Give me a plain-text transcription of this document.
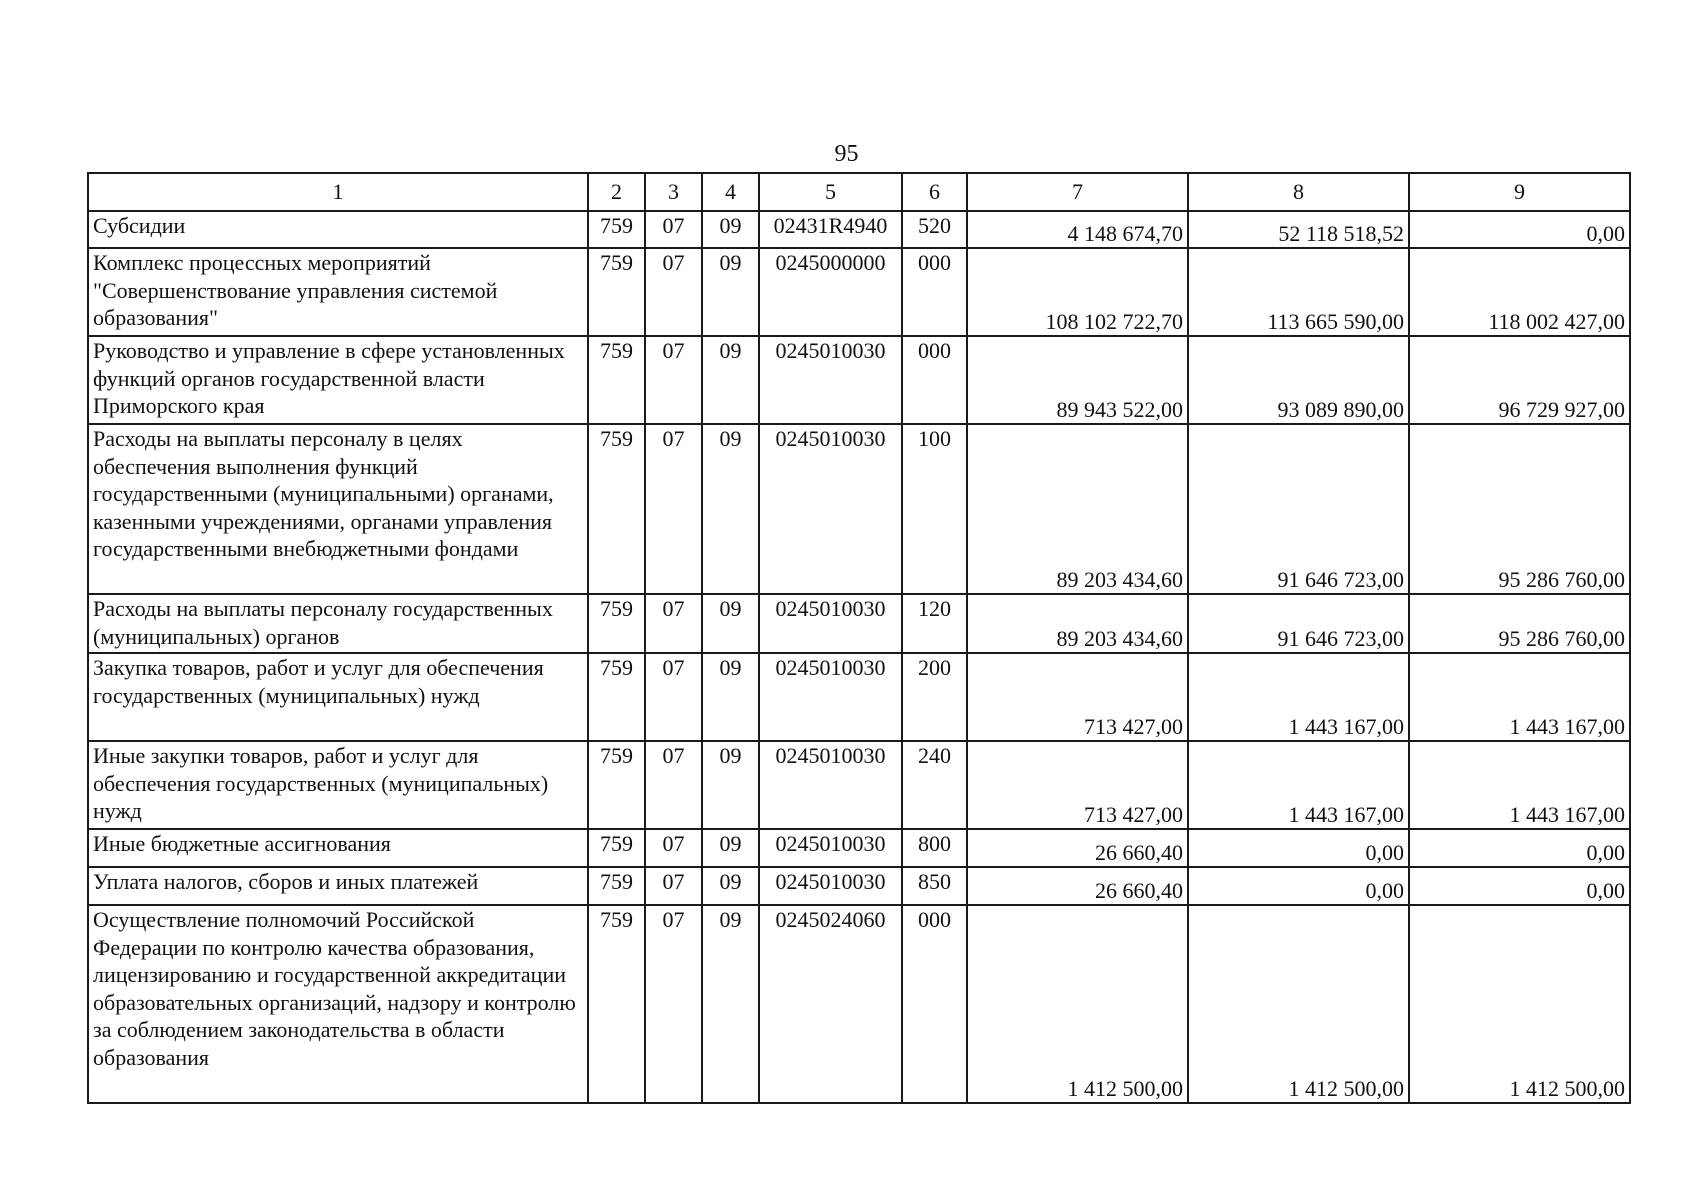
95
1	2	3	4	5	6	7	8	9
Субсидии	759	07	09	02431R4940	520	4 148 674,70	52 118 518,52	0,00
Комплекс процессных мероприятий "Совершенствование управления системой образования"	759	07	09	0245000000	000	108 102 722,70	113 665 590,00	118 002 427,00
Руководство и управление в сфере установленных функций органов государственной власти Приморского края	759	07	09	0245010030	000	89 943 522,00	93 089 890,00	96 729 927,00
Расходы на выплаты персоналу в целях обеспечения выполнения функций государственными (муниципальными) органами, казенными учреждениями, органами управления государственными внебюджетными фондами	759	07	09	0245010030	100	89 203 434,60	91 646 723,00	95 286 760,00
Расходы на выплаты персоналу государственных (муниципальных) органов	759	07	09	0245010030	120	89 203 434,60	91 646 723,00	95 286 760,00
Закупка товаров, работ и услуг для обеспечения государственных (муниципальных) нужд	759	07	09	0245010030	200	713 427,00	1 443 167,00	1 443 167,00
Иные закупки товаров, работ и услуг для обеспечения государственных (муниципальных) нужд	759	07	09	0245010030	240	713 427,00	1 443 167,00	1 443 167,00
Иные бюджетные ассигнования	759	07	09	0245010030	800	26 660,40	0,00	0,00
Уплата налогов, сборов и иных платежей	759	07	09	0245010030	850	26 660,40	0,00	0,00
Осуществление полномочий Российской Федерации по контролю качества образования, лицензированию и государственной аккредитации образовательных организаций, надзору и контролю за соблюдением законодательства в области образования	759	07	09	0245024060	000	1 412 500,00	1 412 500,00	1 412 500,00
